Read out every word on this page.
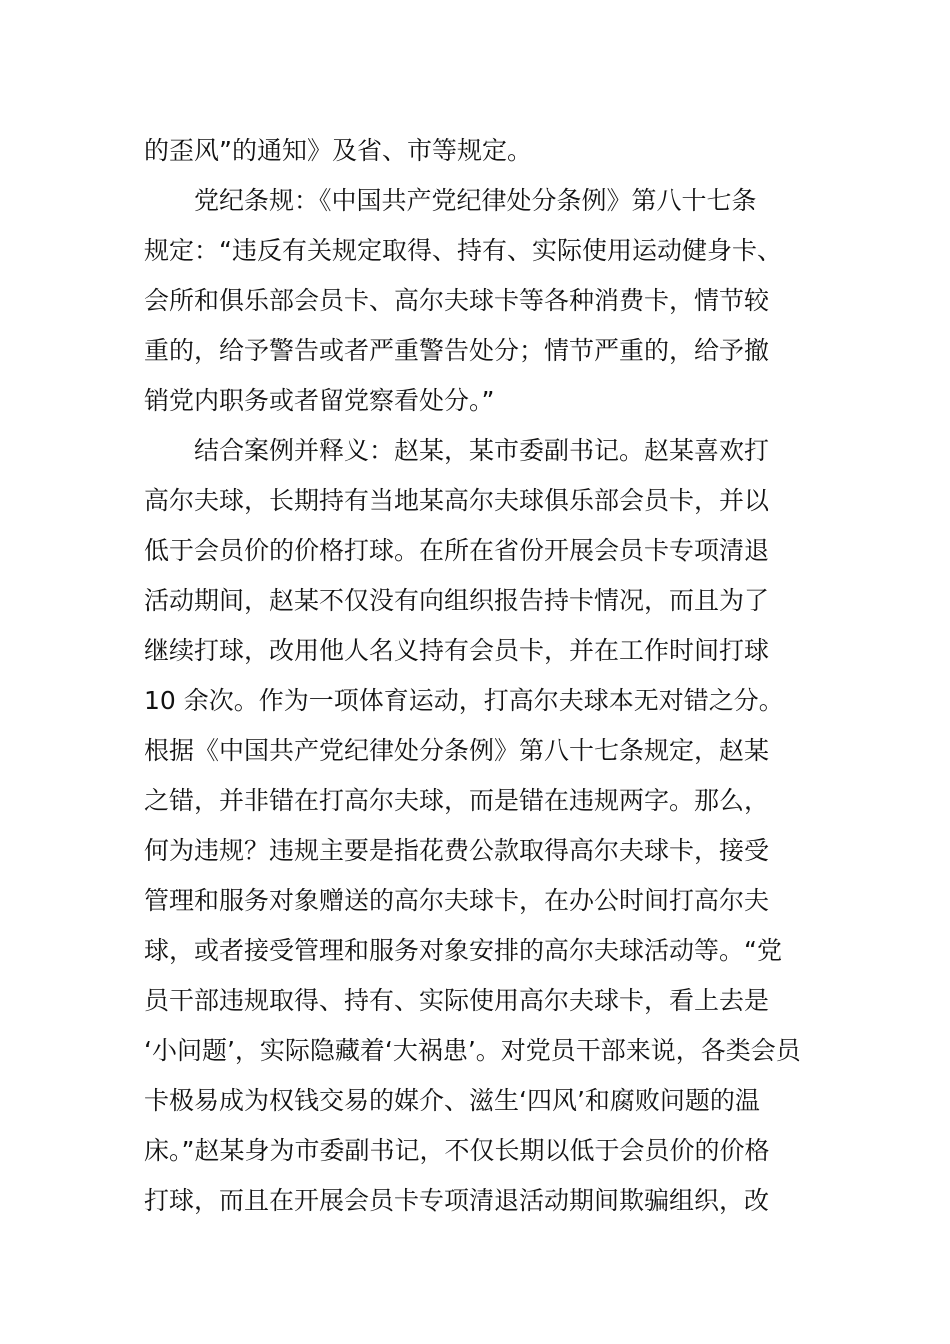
的歪风”的通知》及省、市等规定。
党纪条规：《中国共产党纪律处分条例》第八十七条
规定：“违反有关规定取得、持有、实际使用运动健身卡、
会所和俱乐部会员卡、高尔夫球卡等各种消费卡，情节较
重的，给予警告或者严重警告处分；情节严重的，给予撤
销党内职务或者留党察看处分。”
结合案例并释义：赵某，某市委副书记。赵某喜欢打
高尔夫球，长期持有当地某高尔夫球俱乐部会员卡，并以
低于会员价的价格打球。在所在省份开展会员卡专项清退
活动期间，赵某不仅没有向组织报告持卡情况，而且为了
继续打球，改用他人名义持有会员卡，并在工作时间打球
10 余次。作为一项体育运动，打高尔夫球本无对错之分。
根据《中国共产党纪律处分条例》第八十七条规定，赵某
之错，并非错在打高尔夫球，而是错在违规两字。那么，
何为违规？违规主要是指花费公款取得高尔夫球卡，接受
管理和服务对象赠送的高尔夫球卡，在办公时间打高尔夫
球，或者接受管理和服务对象安排的高尔夫球活动等。“党
员干部违规取得、持有、实际使用高尔夫球卡，看上去是
‘小问题’，实际隐藏着‘大祸患’。对党员干部来说，各类会员
卡极易成为权钱交易的媒介、滋生‘四风’和腐败问题的温
床。”赵某身为市委副书记，不仅长期以低于会员价的价格
打球，而且在开展会员卡专项清退活动期间欺骗组织，改
